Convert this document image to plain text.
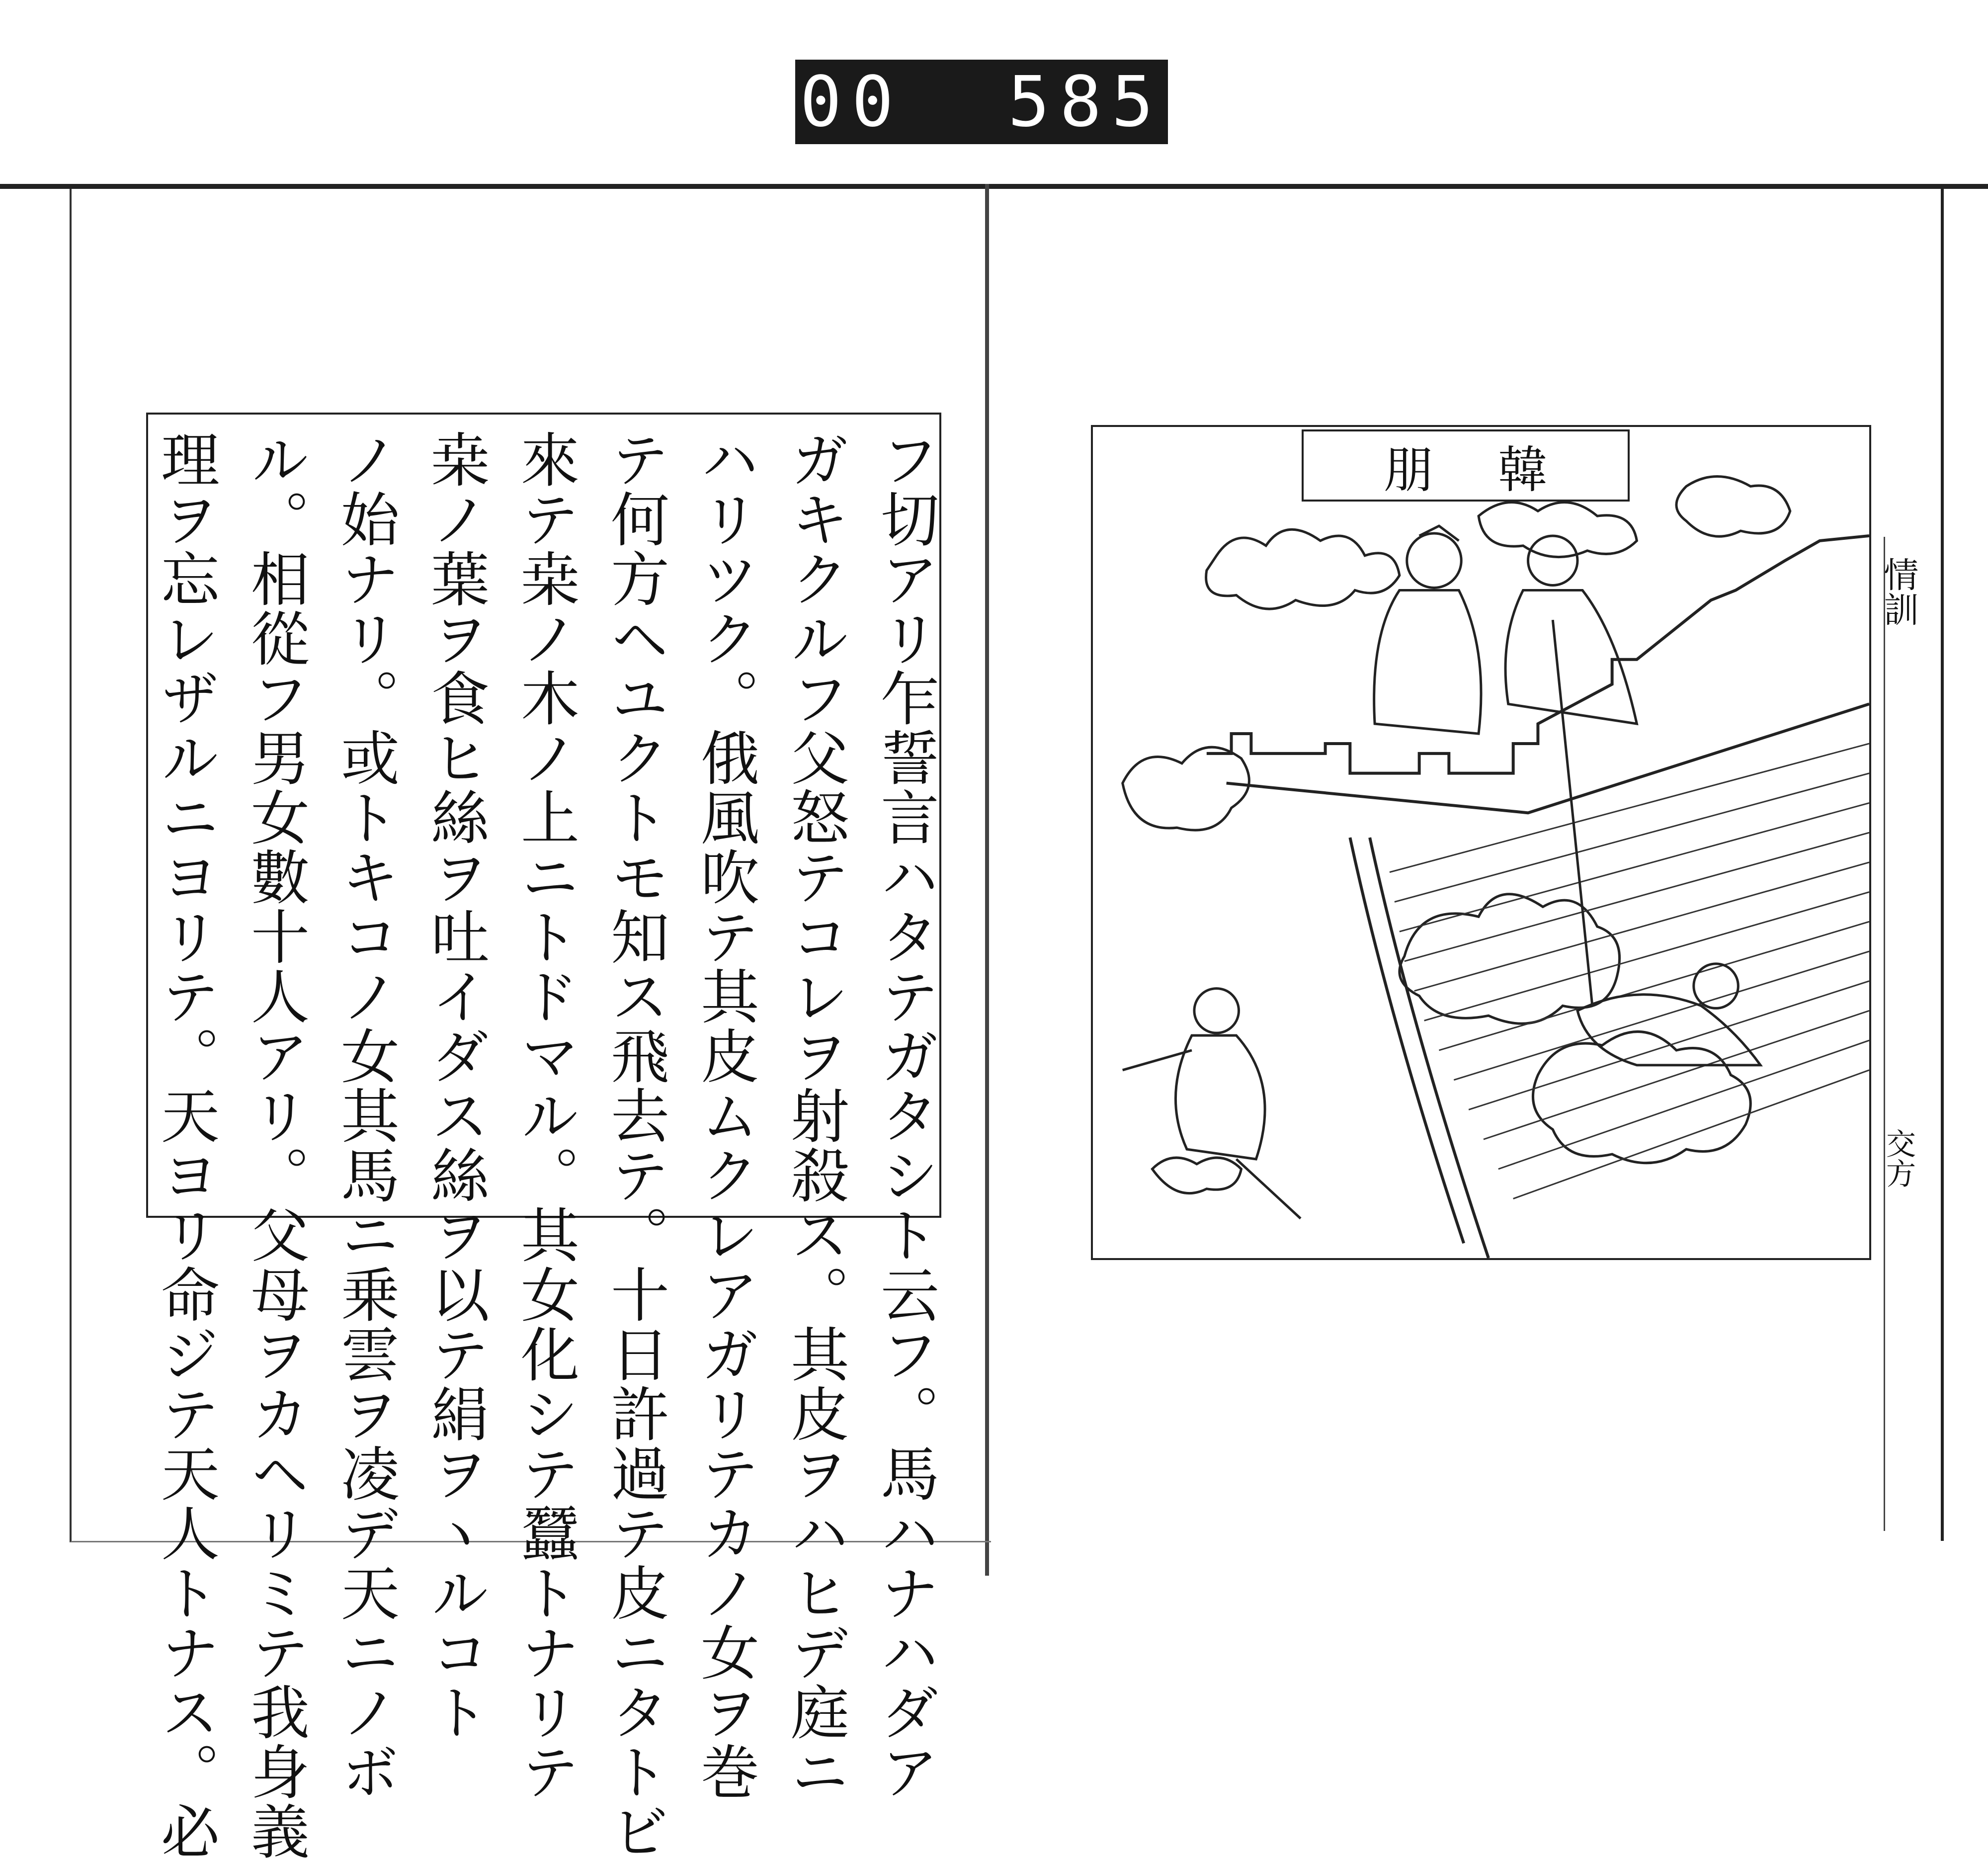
400 585.
フ切アリ乍誓言ハタテガタシト云フ。馬ハナハダア
ガキクルフ父怒テコレヲ射殺ス。其皮ヲハヒデ庭ニ
ハリツク。俄風吹テ其皮ムクレアガリテカノ女ヲ巻
テ何方ヘユクトモ知ス飛去テ。十日許過テ皮ニタトビ
來テ桒ノ木ノ上ニトドマル。其女化シテ蠶トナリテ
桒ノ葉ヲ食ヒ絲ヲ吐イダス絲ヲ以テ絹ヲヽルコト
ノ始ナリ。或トキコノ女其馬ニ乗雲ヲ凌デ天ニノボ
ル。相從フ男女數十人アリ。父母ヲカヘリミテ我身義
理ヲ忘レザルニヨリテ。天ヨリ命ジテ天人トナス。必	韓朋
情訓
交方
